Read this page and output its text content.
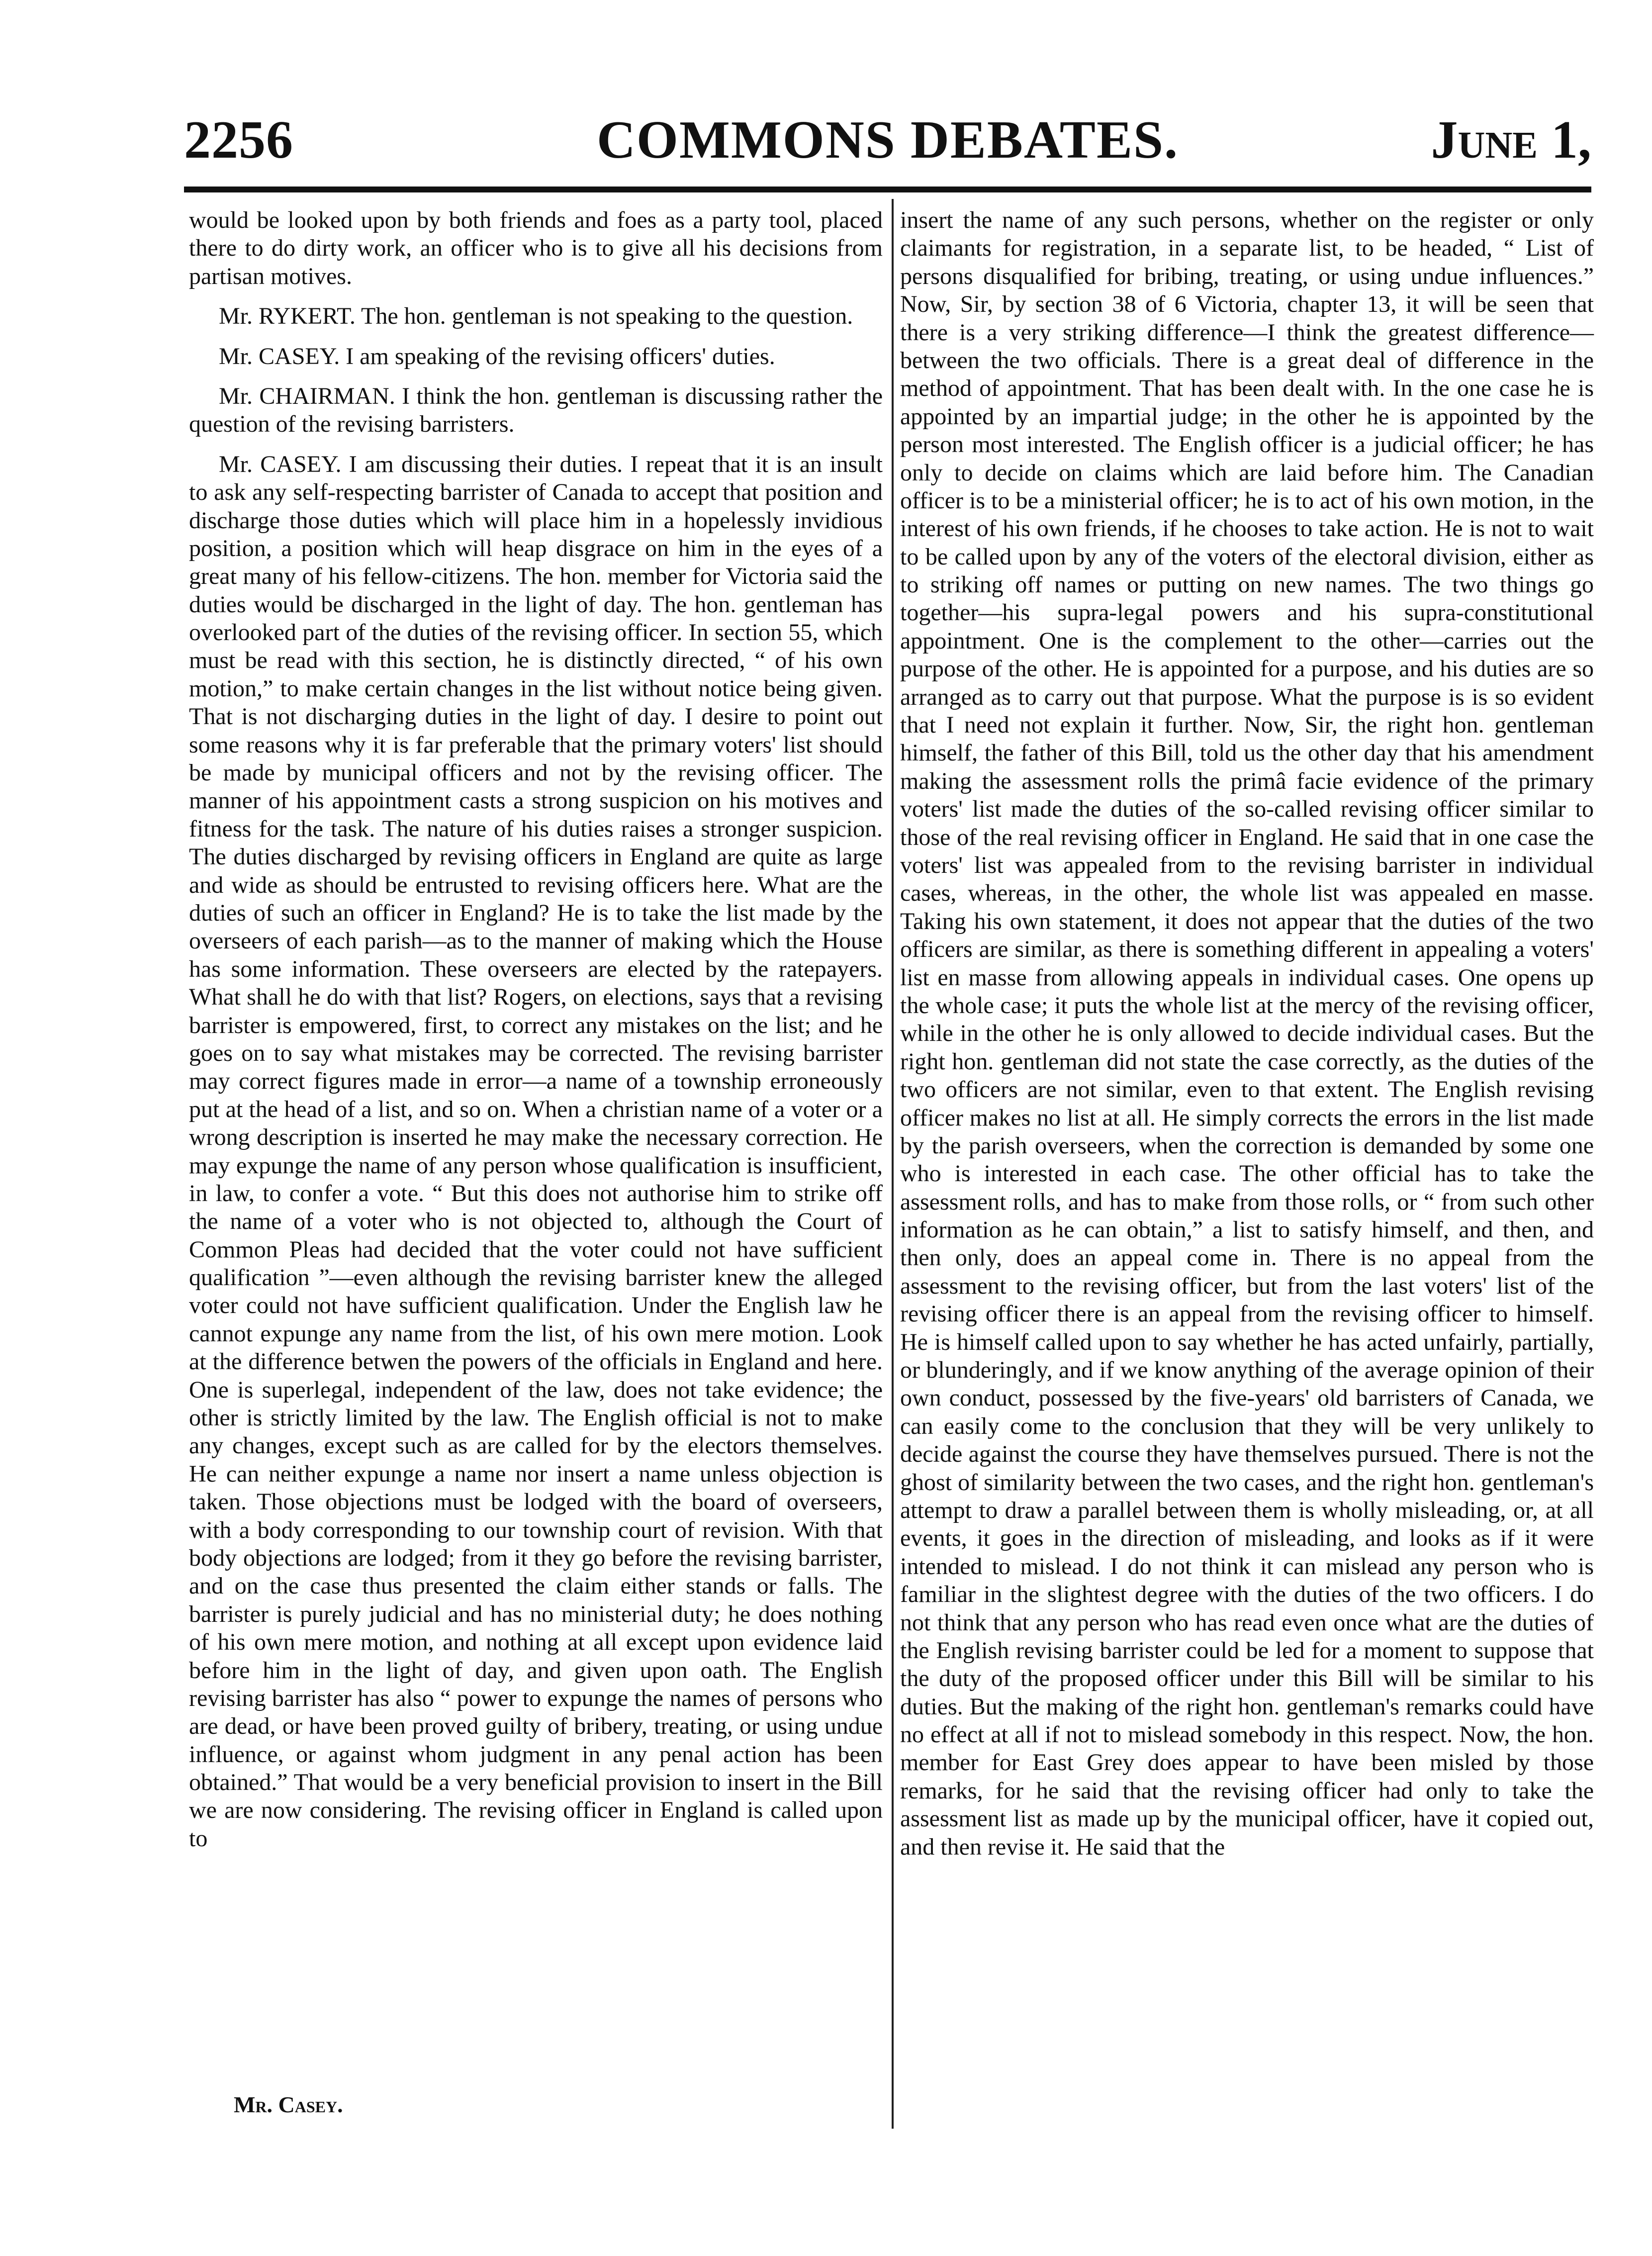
2256	COMMONS DEBATES.	June 1,

would be looked upon by both friends and foes as a party tool, placed there to do dirty work, an officer who is to give all his decisions from partisan motives.

Mr. RYKERT. The hon. gentleman is not speaking to the question.

Mr. CASEY. I am speaking of the revising officers' duties.

Mr. CHAIRMAN. I think the hon. gentleman is discussing rather the question of the revising barristers.

Mr. CASEY. I am discussing their duties. I repeat that it is an insult to ask any self-respecting barrister of Canada to accept that position and discharge those duties which will place him in a hopelessly invidious position, a position which will heap disgrace on him in the eyes of a great many of his fellow-citizens. The hon. member for Victoria said the duties would be discharged in the light of day. The hon. gentleman has overlooked part of the duties of the revising officer. In section 55, which must be read with this section, he is distinctly directed, “ of his own motion,” to make certain changes in the list without notice being given. That is not discharging duties in the light of day. I desire to point out some reasons why it is far preferable that the primary voters' list should be made by municipal officers and not by the revising officer. The manner of his appointment casts a strong suspicion on his motives and fitness for the task. The nature of his duties raises a stronger suspicion. The duties discharged by revising officers in England are quite as large and wide as should be entrusted to revising officers here. What are the duties of such an officer in England? He is to take the list made by the overseers of each parish—as to the manner of making which the House has some information. These overseers are elected by the ratepayers. What shall he do with that list? Rogers, on elections, says that a revising barrister is empowered, first, to correct any mistakes on the list; and he goes on to say what mistakes may be corrected. The revising barrister may correct figures made in error—a name of a township erroneously put at the head of a list, and so on. When a christian name of a voter or a wrong description is inserted he may make the necessary correction. He may expunge the name of any person whose qualification is insufficient, in law, to confer a vote. “ But this does not authorise him to strike off the name of a voter who is not objected to, although the Court of Common Pleas had decided that the voter could not have sufficient qualification ”—even although the revising barrister knew the alleged voter could not have sufficient qualification. Under the English law he cannot expunge any name from the list, of his own mere motion. Look at the difference betwen the powers of the officials in England and here. One is superlegal, independent of the law, does not take evidence; the other is strictly limited by the law. The English official is not to make any changes, except such as are called for by the electors themselves. He can neither expunge a name nor insert a name unless objection is taken. Those objections must be lodged with the board of overseers, with a body corresponding to our township court of revision. With that body objections are lodged; from it they go before the revising barrister, and on the case thus presented the claim either stands or falls. The barrister is purely judicial and has no ministerial duty; he does nothing of his own mere motion, and nothing at all except upon evidence laid before him in the light of day, and given upon oath. The English revising barrister has also “ power to expunge the names of persons who are dead, or have been proved guilty of bribery, treating, or using undue influence, or against whom judgment in any penal action has been obtained.” That would be a very beneficial provision to insert in the Bill we are now considering. The revising officer in England is called upon to

insert the name of any such persons, whether on the register or only claimants for registration, in a separate list, to be headed, “ List of persons disqualified for bribing, treating, or using undue influences.” Now, Sir, by section 38 of 6 Victoria, chapter 13, it will be seen that there is a very striking difference—I think the greatest difference—between the two officials. There is a great deal of difference in the method of appointment. That has been dealt with. In the one case he is appointed by an impartial judge; in the other he is appointed by the person most interested. The English officer is a judicial officer; he has only to decide on claims which are laid before him. The Canadian officer is to be a ministerial officer; he is to act of his own motion, in the interest of his own friends, if he chooses to take action. He is not to wait to be called upon by any of the voters of the electoral division, either as to striking off names or putting on new names. The two things go together—his supra-legal powers and his supra-constitutional appointment. One is the complement to the other—carries out the purpose of the other. He is appointed for a purpose, and his duties are so arranged as to carry out that purpose. What the purpose is is so evident that I need not explain it further. Now, Sir, the right hon. gentleman himself, the father of this Bill, told us the other day that his amendment making the assessment rolls the primâ facie evidence of the primary voters' list made the duties of the so-called revising officer similar to those of the real revising officer in England. He said that in one case the voters' list was appealed from to the revising barrister in individual cases, whereas, in the other, the whole list was appealed en masse. Taking his own statement, it does not appear that the duties of the two officers are similar, as there is something different in appealing a voters' list en masse from allowing appeals in individual cases. One opens up the whole case; it puts the whole list at the mercy of the revising officer, while in the other he is only allowed to decide individual cases. But the right hon. gentleman did not state the case correctly, as the duties of the two officers are not similar, even to that extent. The English revising officer makes no list at all. He simply corrects the errors in the list made by the parish overseers, when the correction is demanded by some one who is interested in each case. The other official has to take the assessment rolls, and has to make from those rolls, or “ from such other information as he can obtain,” a list to satisfy himself, and then, and then only, does an appeal come in. There is no appeal from the assessment to the revising officer, but from the last voters' list of the revising officer there is an appeal from the revising officer to himself. He is himself called upon to say whether he has acted unfairly, partially, or blunderingly, and if we know anything of the average opinion of their own conduct, possessed by the five-years' old barristers of Canada, we can easily come to the conclusion that they will be very unlikely to decide against the course they have themselves pursued. There is not the ghost of similarity between the two cases, and the right hon. gentleman's attempt to draw a parallel between them is wholly misleading, or, at all events, it goes in the direction of misleading, and looks as if it were intended to mislead. I do not think it can mislead any person who is familiar in the slightest degree with the duties of the two officers. I do not think that any person who has read even once what are the duties of the English revising barrister could be led for a moment to suppose that the duty of the proposed officer under this Bill will be similar to his duties. But the making of the right hon. gentleman's remarks could have no effect at all if not to mislead somebody in this respect. Now, the hon. member for East Grey does appear to have been misled by those remarks, for he said that the revising officer had only to take the assessment list as made up by the municipal officer, have it copied out, and then revise it. He said that the

Mr. Casey.
